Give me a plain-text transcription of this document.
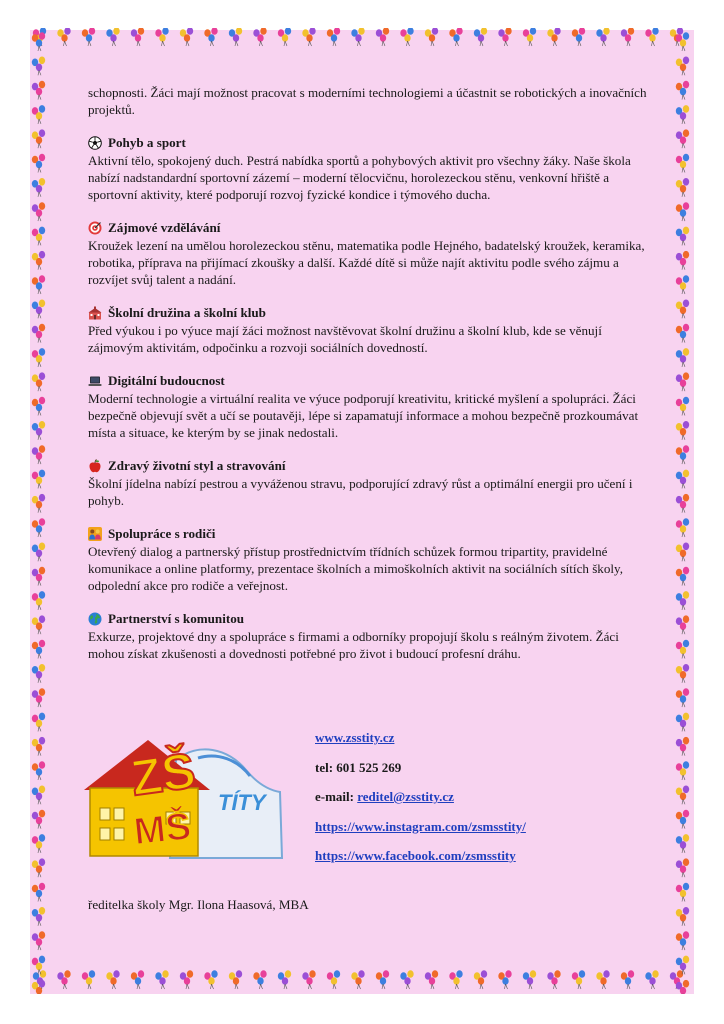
schopnosti. Žáci mají možnost pracovat s moderními technologiemi a účastnit se robotických a inovačních projektů.

Pohyb a sport

Aktivní tělo, spokojený duch. Pestrá nabídka sportů a pohybových aktivit pro všechny žáky. Naše škola nabízí nadstandardní sportovní zázemí – moderní tělocvičnu, horolezeckou stěnu, venkovní hřiště a sportovní aktivity, které podporují rozvoj fyzické kondice i týmového ducha.

Zájmové vzdělávání

Kroužek lezení na umělou horolezeckou stěnu, matematika podle Hejného, badatelský kroužek, keramika, robotika, příprava na přijímací zkoušky a další. Každé dítě si může najít aktivitu podle svého zájmu a rozvíjet svůj talent a nadání.

Školní družina a školní klub

Před výukou i po výuce mají žáci možnost navštěvovat školní družinu a školní klub, kde se věnují zájmovým aktivitám, odpočinku a rozvoji sociálních dovedností.

Digitální budoucnost

Moderní technologie a virtuální realita ve výuce podporují kreativitu, kritické myšlení a spolupráci. Žáci bezpečně objevují svět a učí se poutavěji, lépe si zapamatují informace a mohou bezpečně prozkoumávat místa a situace, ke kterým by se jinak nedostali.

Zdravý životní styl a stravování

Školní jídelna nabízí pestrou a vyváženou stravu, podporující zdravý růst a optimální energii pro učení i pohyb.

Spolupráce s rodiči

Otevřený dialog a partnerský přístup prostřednictvím třídních schůzek formou tripartity, pravidelné komunikace a online platformy, prezentace školních a mimoškolních aktivit na sociálních sítích školy, odpolední akce pro rodiče a veřejnost.

Partnerství s komunitou

Exkurze, projektové dny a spolupráce s firmami a odborníky propojují školu s reálným životem. Žáci mohou získat zkušenosti a dovednosti potřebné pro život i budoucí profesní dráhu.

ZŠ
MŠ
TÍTY
www.zsstity.cz
tel: 601 525 269
e-mail: reditel@zsstity.cz
https://www.instagram.com/zsmsstity/
https://www.facebook.com/zsmsstity
ředitelka školy Mgr. Ilona Haasová, MBA
